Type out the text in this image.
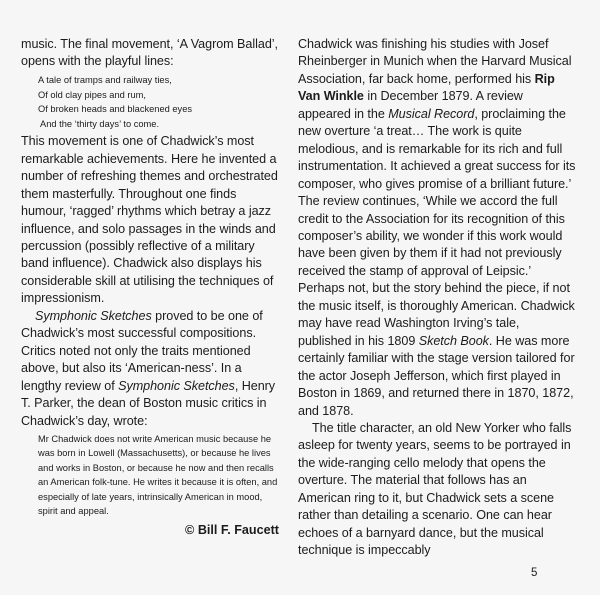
music. The final movement, ‘A Vagrom Ballad’, opens with the playful lines:

A tale of tramps and railway ties,
Of old clay pipes and rum,
Of broken heads and blackened eyes
And the ‘thirty days’ to come.

This movement is one of Chadwick’s most remarkable achievements. Here he invented a number of refreshing themes and orchestrated them masterfully. Throughout one finds humour, ‘ragged’ rhythms which betray a jazz influence, and solo passages in the winds and percussion (possibly reflective of a military band influence). Chadwick also displays his considerable skill at utilising the techniques of impressionism.

Symphonic Sketches proved to be one of Chadwick’s most successful compositions. Critics noted not only the traits mentioned above, but also its ‘American-ness’. In a lengthy review of Symphonic Sketches, Henry T. Parker, the dean of Boston music critics in Chadwick’s day, wrote:

Mr Chadwick does not write American music because he was born in Lowell (Massachusetts), or because he lives and works in Boston, or because he now and then recalls an American folk-tune. He writes it because it is often, and especially of late years, intrinsically American in mood, spirit and appeal.

© Bill F. Faucett

Chadwick was finishing his studies with Josef Rheinberger in Munich when the Harvard Musical Association, far back home, performed his Rip Van Winkle in December 1879. A review appeared in the Musical Record, proclaiming the new overture ‘a treat… The work is quite melodious, and is remarkable for its rich and full instrumentation. It achieved a great success for its composer, who gives promise of a brilliant future.’ The review continues, ‘While we accord the full credit to the Association for its recognition of this composer’s ability, we wonder if this work would have been given by them if it had not previously received the stamp of approval of Leipsic.’ Perhaps not, but the story behind the piece, if not the music itself, is thoroughly American. Chadwick may have read Washington Irving’s tale, published in his 1809 Sketch Book. He was more certainly familiar with the stage version tailored for the actor Joseph Jefferson, which first played in Boston in 1869, and returned there in 1870, 1872, and 1878.

The title character, an old New Yorker who falls asleep for twenty years, seems to be portrayed in the wide-ranging cello melody that opens the overture. The material that follows has an American ring to it, but Chadwick sets a scene rather than detailing a scenario. One can hear echoes of a barnyard dance, but the musical technique is impeccably

5
